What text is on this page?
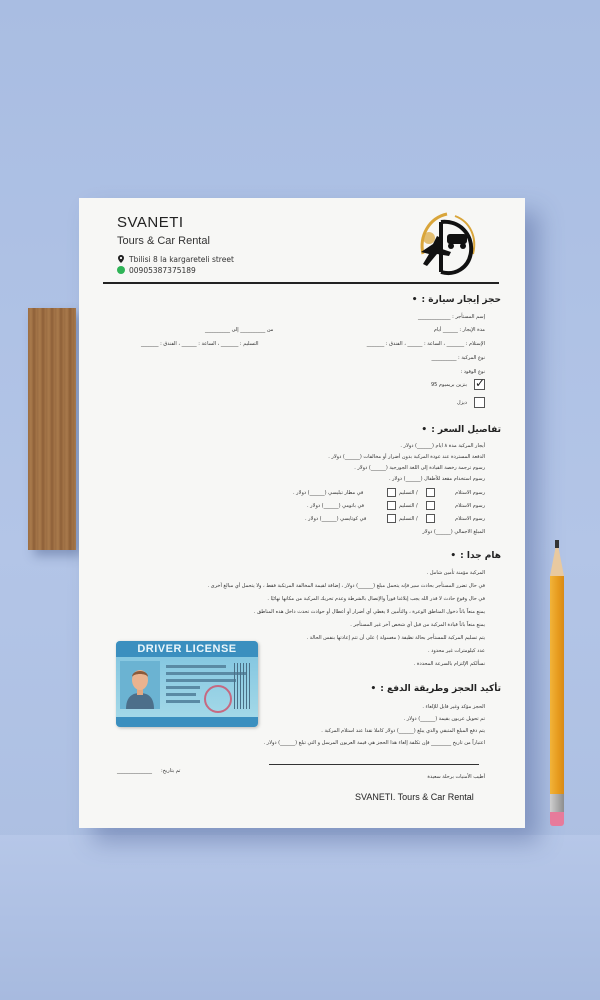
SVANETI
Tours & Car Rental
Tbilisi 8 la kargareteli street
00905387375189
حجز إيجار سيارة : •
إسم المستأجر : _____________
مدة الإيجار : ______ أيام
من __________ إلى __________
الإستلام : _______ ، الساعة : ______ ، الفندق : _______
التسليم : _______ ، الساعة : ______ ، الفندق : _______
نوع المركبة : __________
نوع الوقود :
✓
بنزين بريميوم 95
ديزل
تفاصيل السعر : •
أيجار المركبة مدة ٨ ايام (______) دولار .
الدفعة المستردة عند عودة المركبة بدون أضرار أو مخالفات (______) دولار .
رسوم ترجمة رخصة القيادة إلى اللغة الجورجية (______) دولار .
رسوم استخدام مقعد للأطفال (______) دولار .
رسوم الاستلام
/ التسليم
في مطار تبليسي (______) دولار .
رسوم الاستلام
/ التسليم
في باتومي (______) دولار .
رسوم الاستلام
/ التسليم
في كوتايسي (______) دولار .
المبلغ الاجمالي (______) دولار
هام جدا : •
المركبة مؤمنة تأمين شامل .
في حال تضرر المستأجر بحادث سير فإنه يتحمل مبلغ (______) دولار ، إضافة لقيمة المخالفة المرتكبة فقط ، ولا يتحمل أي مبالغ أخرى .
في حال وقوع حادث لا قدر الله يجب إبلاغنا فوراً والإتصال بالشرطة وعدم تحريك المركبة من مكانها نهائيًا .
يمنع منعاً باتاً دخول المناطق الوعرة ، والتأمين لا يغطي أي أضرار أو أعطال أو حوادث تحدث داخل هذه المناطق .
يمنع منعاً باتاً قيادة المركبة من قبل أي شخص آخر غير المستأجر .
يتم تسليم المركبة للمستأجر بحالة نظيفة ( مغسولة ) على أن تتم إعادتها بنفس الحالة .
عدد كيلومترات غير محدود .
نسألكم الإلتزام بالسرعة المحددة .
DRIVER LICENSE
تأكيد الحجز وطريقة الدفع : •
الحجز مؤكد وغير قابل للإلغاء .
تم تحويل عربون بقيمة (______) دولار .
يتم دفع المبلغ المتبقي والذي يبلغ (______) دولار كاملا نقدا عند استلام المركبة .
اعتباراً من تاريخ ________ فإن تكلفة إلغاء هذا الحجز هي قيمة العربون المرسل و التي تبلغ (______) دولار .
تم بتاريخ:
______________
أطيب الأمنيات برحلة سعيدة
SVANETI. Tours & Car Rental
